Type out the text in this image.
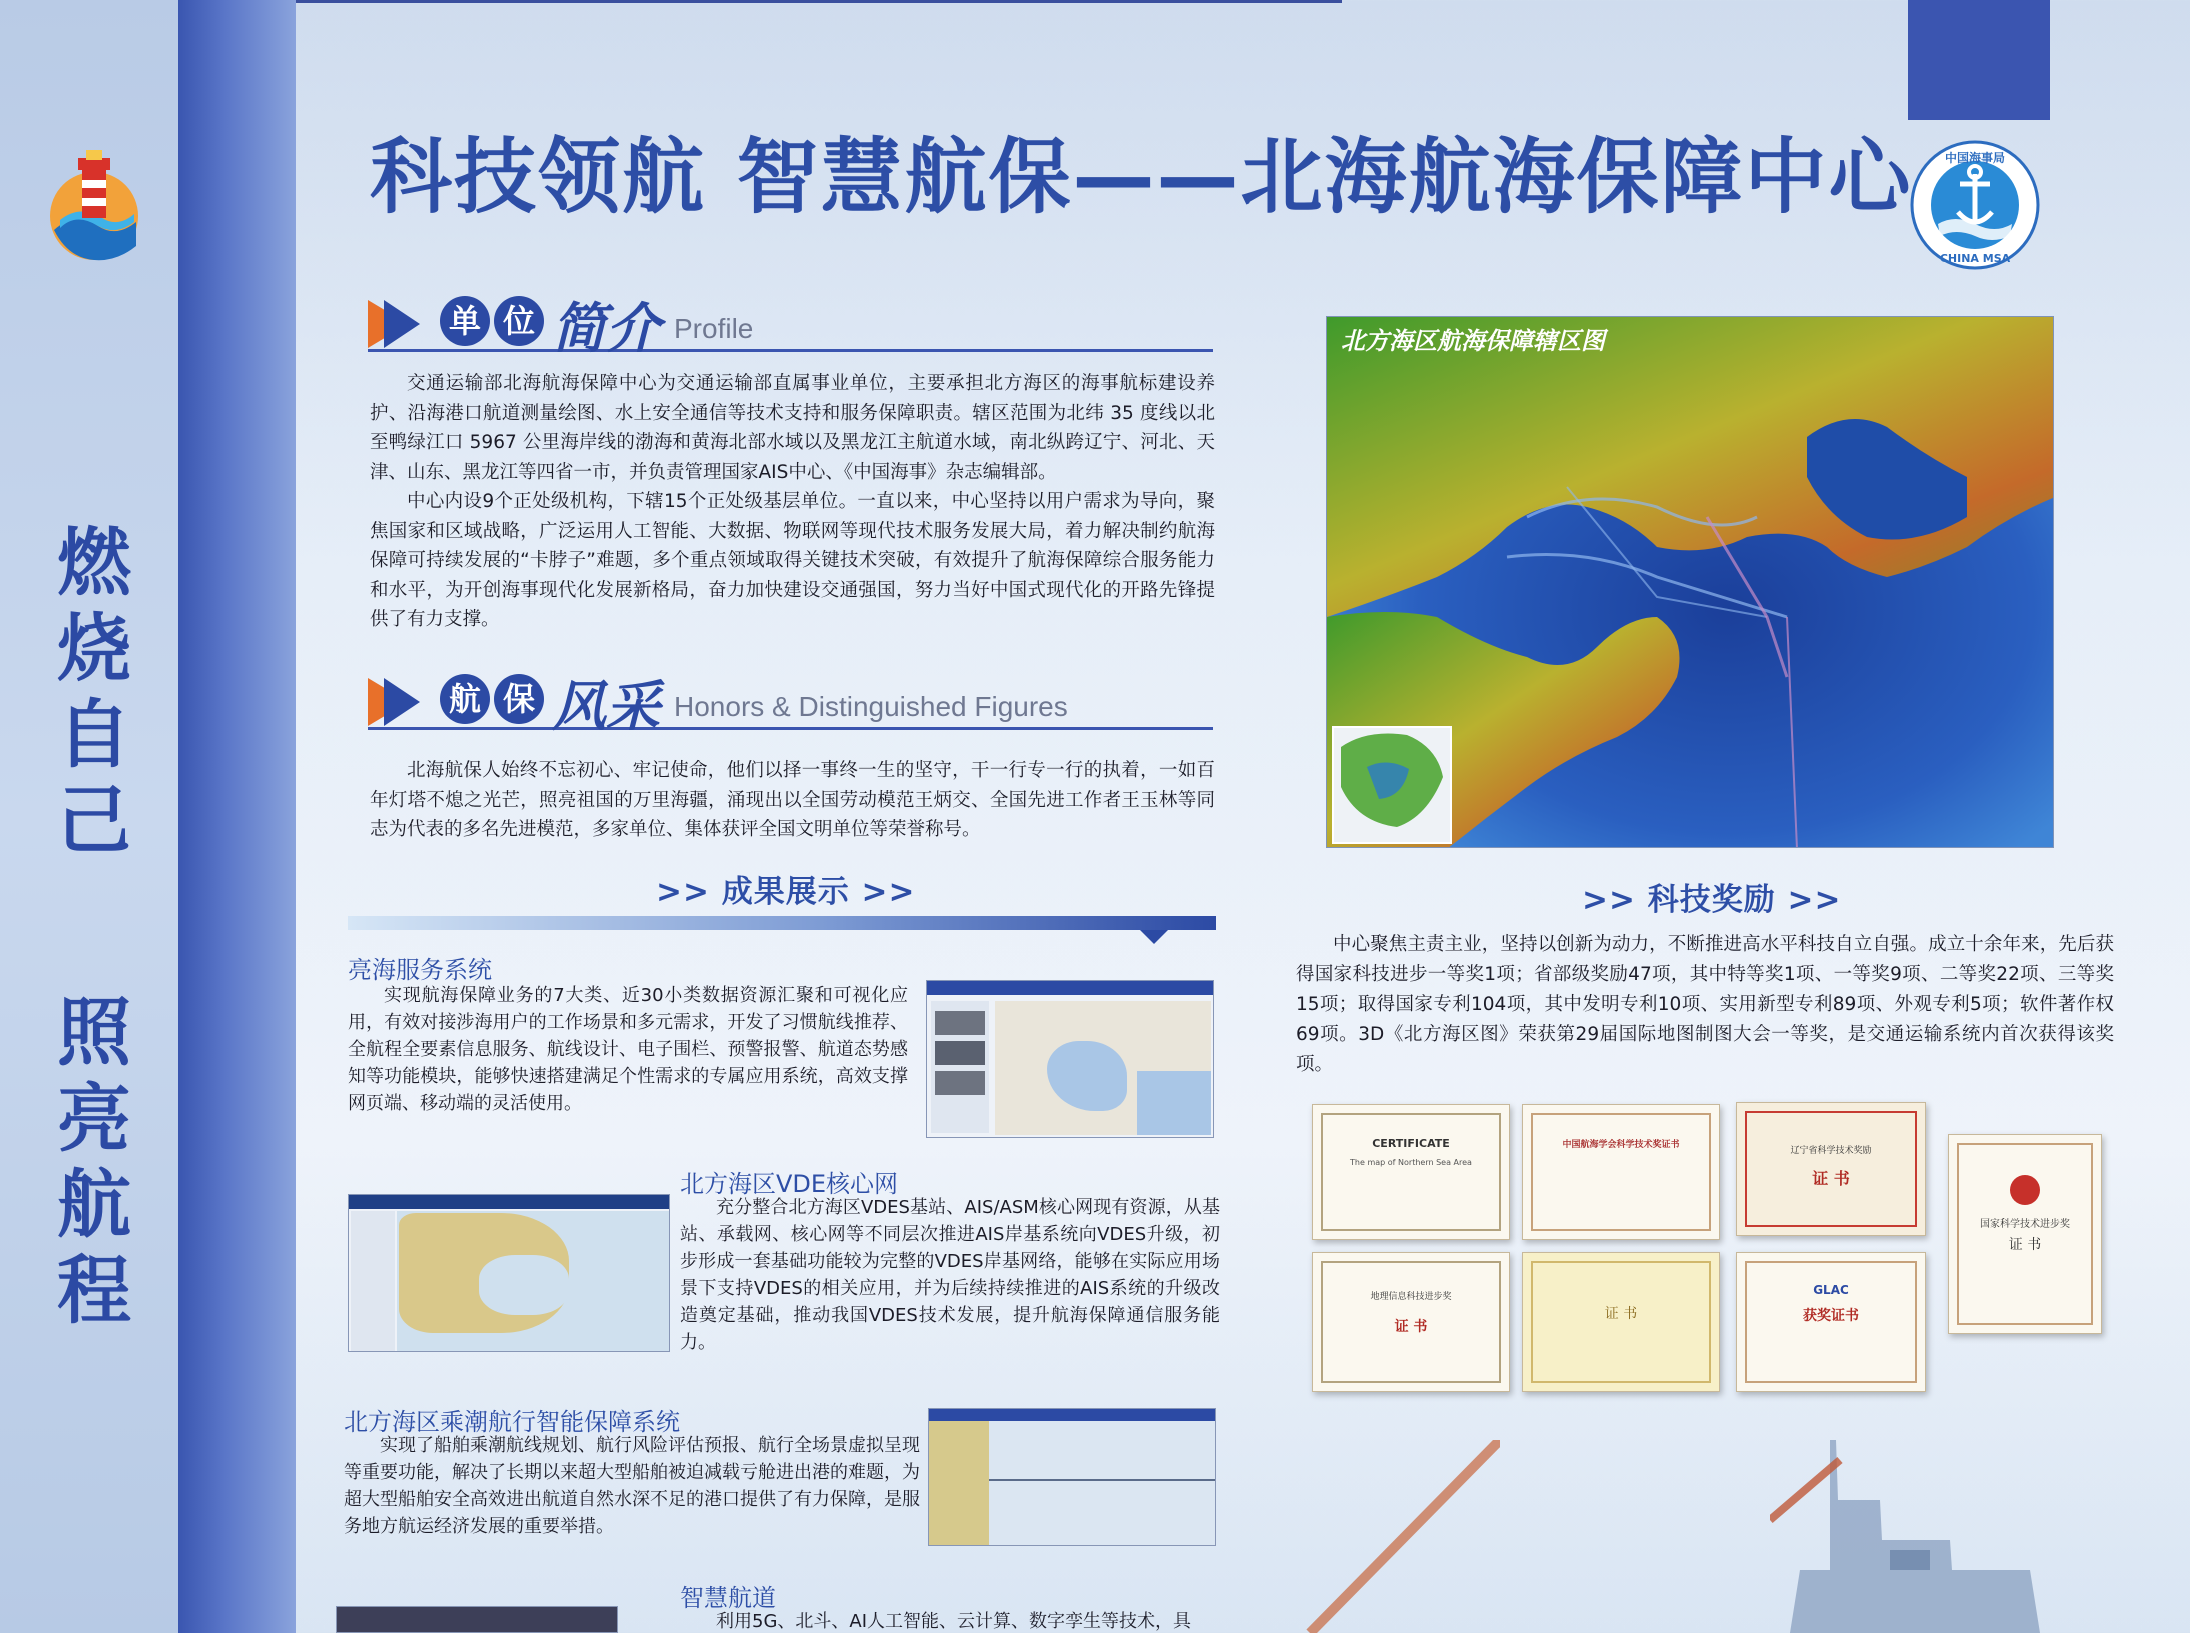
燃
烧
自
己
照
亮
航
程
科技领航 智慧航保——北海航海保障中心	中国海事局
CHINA MSA
单 位 简介 Profile

交通运输部北海航海保障中心为交通运输部直属事业单位，主要承担北方海区的海事航标建设养护、沿海港口航道测量绘图、水上安全通信等技术支持和服务保障职责。辖区范围为北纬 35 度线以北至鸭绿江口 5967 公里海岸线的渤海和黄海北部水域以及黑龙江主航道水域，南北纵跨辽宁、河北、天津、山东、黑龙江等四省一市，并负责管理国家AIS中心、《中国海事》杂志编辑部。

中心内设9个正处级机构，下辖15个正处级基层单位。一直以来，中心坚持以用户需求为导向，聚焦国家和区域战略，广泛运用人工智能、大数据、物联网等现代技术服务发展大局，着力解决制约航海保障可持续发展的“卡脖子”难题，多个重点领域取得关键技术突破，有效提升了航海保障综合服务能力和水平，为开创海事现代化发展新格局，奋力加快建设交通强国，努力当好中国式现代化的开路先锋提供了有力支撑。

航 保 风采 Honors & Distinguished Figures
北海航保人始终不忘初心、牢记使命，他们以择一事终一生的坚守，干一行专一行的执着，一如百年灯塔不熄之光芒，照亮祖国的万里海疆，涌现出以全国劳动模范王炳交、全国先进工作者王玉林等同志为代表的多名先进模范，多家单位、集体获评全国文明单位等荣誉称号。
北方海区航海保障辖区图
>> 成果展示 >>
亮海服务系统
实现航海保障业务的7大类、近30小类数据资源汇聚和可视化应用，有效对接涉海用户的工作场景和多元需求，开发了习惯航线推荐、全航程全要素信息服务、航线设计、电子围栏、预警报警、航道态势感知等功能模块，能够快速搭建满足个性需求的专属应用系统，高效支撑网页端、移动端的灵活使用。
北方海区VDE核心网
充分整合北方海区VDES基站、AIS/ASM核心网现有资源，从基站、承载网、核心网等不同层次推进AIS岸基系统向VDES升级，初步形成一套基础功能较为完整的VDES岸基网络，能够在实际应用场景下支持VDES的相关应用，并为后续持续推进的AIS系统的升级改造奠定基础，推动我国VDES技术发展，提升航海保障通信服务能力。
北方海区乘潮航行智能保障系统
实现了船舶乘潮航线规划、航行风险评估预报、航行全场景虚拟呈现等重要功能，解决了长期以来超大型船舶被迫减载亏舱进出港的难题，为超大型船舶安全高效进出航道自然水深不足的港口提供了有力保障，是服务地方航运经济发展的重要举措。
智慧航道
利用5G、北斗、AI人工智能、云计算、数字孪生等技术，具
>> 科技奖励 >>
中心聚焦主责主业，坚持以创新为动力，不断推进高水平科技自立自强。成立十余年来，先后获得国家科技进步一等奖1项；省部级奖励47项，其中特等奖1项、一等奖9项、二等奖22项、三等奖15项；取得国家专利104项，其中发明专利10项、实用新型专利89项、外观专利5项；软件著作权69项。3D《北方海区图》荣获第29届国际地图制图大会一等奖，是交通运输系统内首次获得该奖项。
CERTIFICATE
The map of Northern Sea Area
中国航海学会科学技术奖证书
辽宁省科学技术奖励
证 书
国家科学技术进步奖
证 书
地理信息科技进步奖
证 书
证 书
GLAC
获奖证书
